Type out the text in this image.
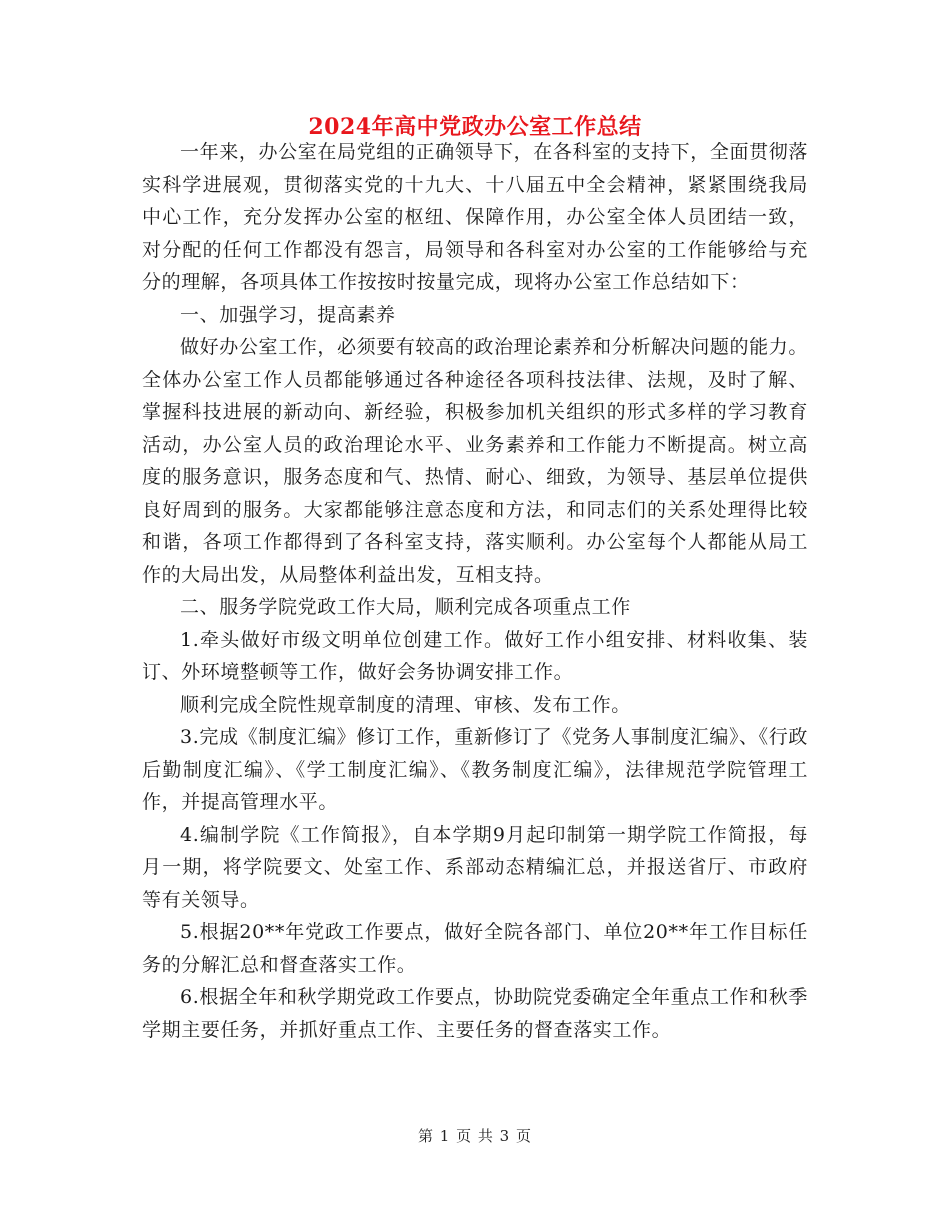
2024年高中党政办公室工作总结

一年来，办公室在局党组的正确领导下，在各科室的支持下，全面贯彻落实科学进展观，贯彻落实党的十九大、十八届五中全会精神，紧紧围绕我局中心工作，充分发挥办公室的枢纽、保障作用，办公室全体人员团结一致，对分配的任何工作都没有怨言，局领导和各科室对办公室的工作能够给与充分的理解，各项具体工作按按时按量完成，现将办公室工作总结如下：

一、加强学习，提高素养

做好办公室工作，必须要有较高的政治理论素养和分析解决问题的能力。全体办公室工作人员都能够通过各种途径各项科技法律、法规，及时了解、掌握科技进展的新动向、新经验，积极参加机关组织的形式多样的学习教育活动，办公室人员的政治理论水平、业务素养和工作能力不断提高。树立高度的服务意识，服务态度和气、热情、耐心、细致，为领导、基层单位提供良好周到的服务。大家都能够注意态度和方法，和同志们的关系处理得比较和谐，各项工作都得到了各科室支持，落实顺利。办公室每个人都能从局工作的大局出发，从局整体利益出发，互相支持。

二、服务学院党政工作大局，顺利完成各项重点工作

1.牵头做好市级文明单位创建工作。做好工作小组安排、材料收集、装订、外环境整顿等工作，做好会务协调安排工作。

顺利完成全院性规章制度的清理、审核、发布工作。

3.完成《制度汇编》修订工作，重新修订了《党务人事制度汇编》、《行政后勤制度汇编》、《学工制度汇编》、《教务制度汇编》，法律规范学院管理工作，并提高管理水平。

4.编制学院《工作简报》，自本学期9月起印制第一期学院工作简报，每月一期，将学院要文、处室工作、系部动态精编汇总，并报送省厅、市政府等有关领导。

5.根据20**年党政工作要点，做好全院各部门、单位20**年工作目标任务的分解汇总和督查落实工作。

6.根据全年和秋学期党政工作要点，协助院党委确定全年重点工作和秋季学期主要任务，并抓好重点工作、主要任务的督查落实工作。

第 1 页 共 3 页
